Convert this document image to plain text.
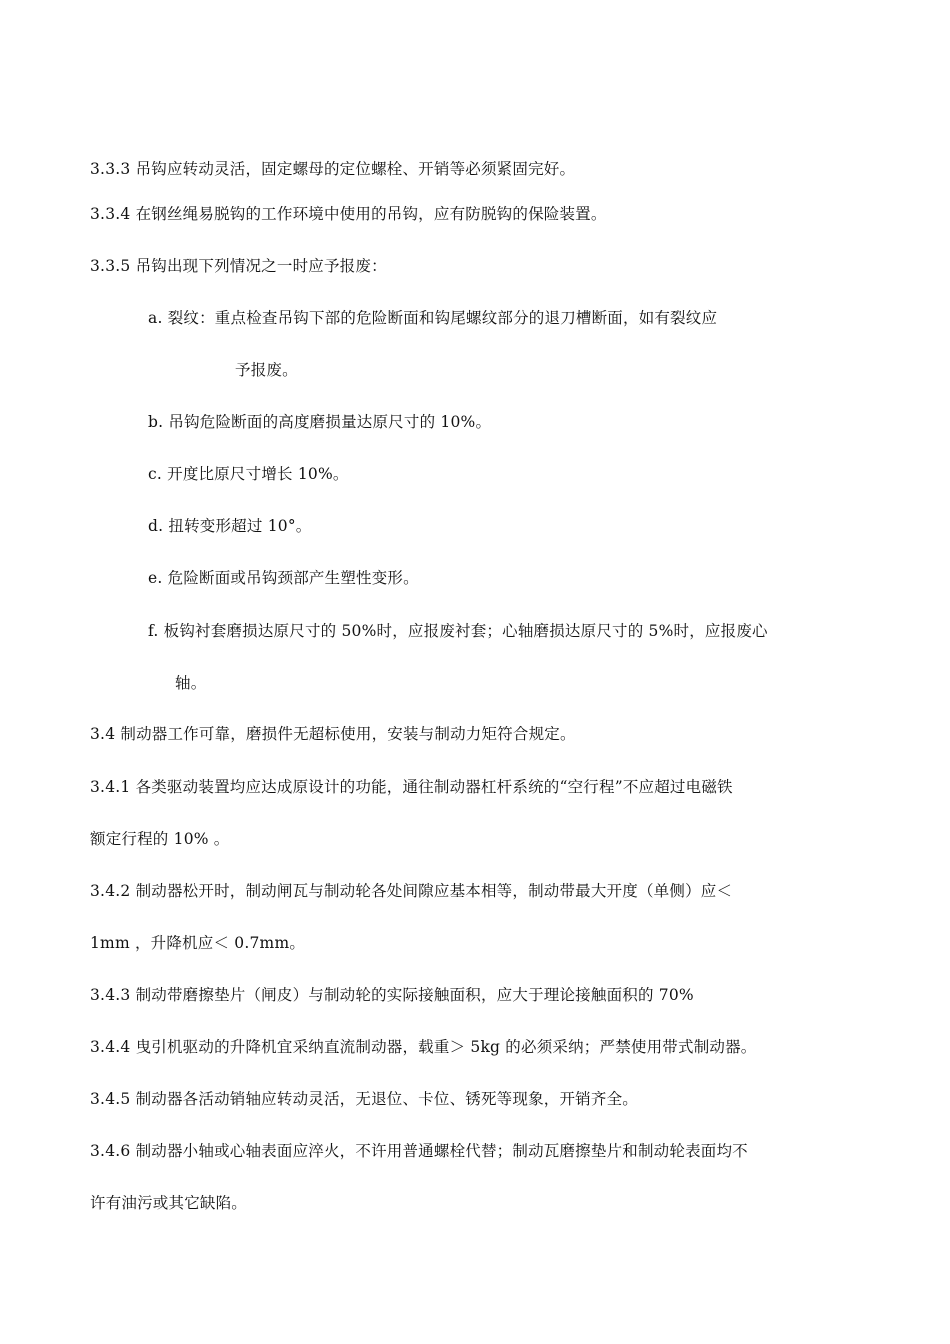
3.3.3 吊钩应转动灵活，固定螺母的定位螺栓、开销等必须紧固完好。
3.3.4 在钢丝绳易脱钩的工作环境中使用的吊钩，应有防脱钩的保险装置。
3.3.5 吊钩出现下列情况之一时应予报废：
a. 裂纹：重点检查吊钩下部的危险断面和钩尾螺纹部分的退刀槽断面，如有裂纹应
予报废。
b. 吊钩危险断面的高度磨损量达原尺寸的 10%。
c. 开度比原尺寸增长 10%。
d. 扭转变形超过 10°。
e. 危险断面或吊钩颈部产生塑性变形。
f. 板钩衬套磨损达原尺寸的 50%时，应报废衬套；心轴磨损达原尺寸的 5%时，应报废心
轴。
3.4 制动器工作可靠，磨损件无超标使用，安装与制动力矩符合规定。
3.4.1 各类驱动装置均应达成原设计的功能，通往制动器杠杆系统的“空行程”不应超过电磁铁
额定行程的 10% 。
3.4.2 制动器松开时，制动闸瓦与制动轮各处间隙应基本相等，制动带最大开度（单侧）应＜
1mm ，升降机应＜ 0.7mm。
3.4.3 制动带磨擦垫片（闸皮）与制动轮的实际接触面积，应大于理论接触面积的 70%
3.4.4 曳引机驱动的升降机宜采纳直流制动器，载重＞ 5kg 的必须采纳；严禁使用带式制动器。
3.4.5 制动器各活动销轴应转动灵活，无退位、卡位、锈死等现象，开销齐全。
3.4.6 制动器小轴或心轴表面应淬火，不许用普通螺栓代替；制动瓦磨擦垫片和制动轮表面均不
许有油污或其它缺陷。
